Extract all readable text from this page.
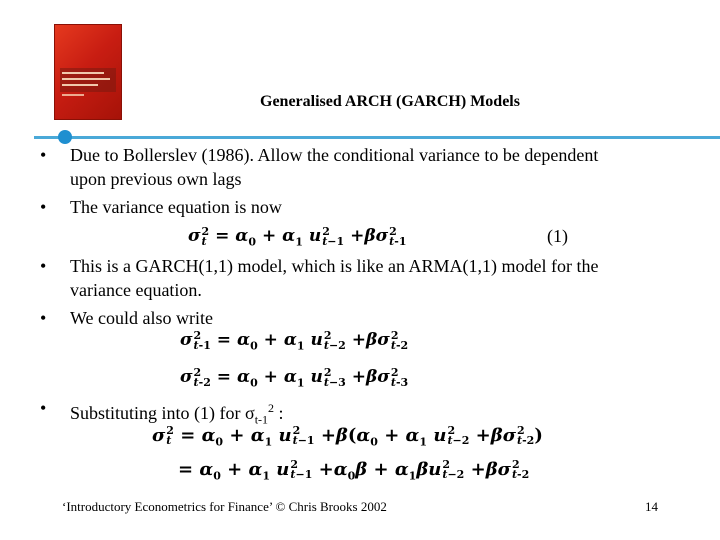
Generalised ARCH (GARCH) Models
• Due to Bollerslev (1986). Allow the conditional variance to be dependent
upon previous own lags
• The variance equation is now
σ 2
$t = \alpha_0 + \alpha_1$ u 2
t−1 +βσ 2
t-1	(1)
• This is a GARCH(1,1) model, which is like an ARMA(1,1) model for the
variance equation.
• We could also write
σ 2
$t-1 = \alpha_0 + \alpha_1$ u 2
t−2 +βσ 2
t-2
σ 2
$t-2 = \alpha_0 + \alpha_1$ u 2
t−3 +βσ 2
t-3
• Substituting into (1) for $\sigma_{t-1}^2$ :
σ 2
$t = \alpha_0 + \alpha_1$ u 2
$t-1 +\beta(\alpha_0 + \alpha_1$ u 2
t−2 +βσ 2
t-2 )
= $\alpha_0 + \alpha_1$ u 2
$t-1 +\alpha_0\beta + \alpha_1\beta u$ 2
t−2 +βσ 2
t-2
‘Introductory Econometrics for Finance’ © Chris Brooks 2002	14
